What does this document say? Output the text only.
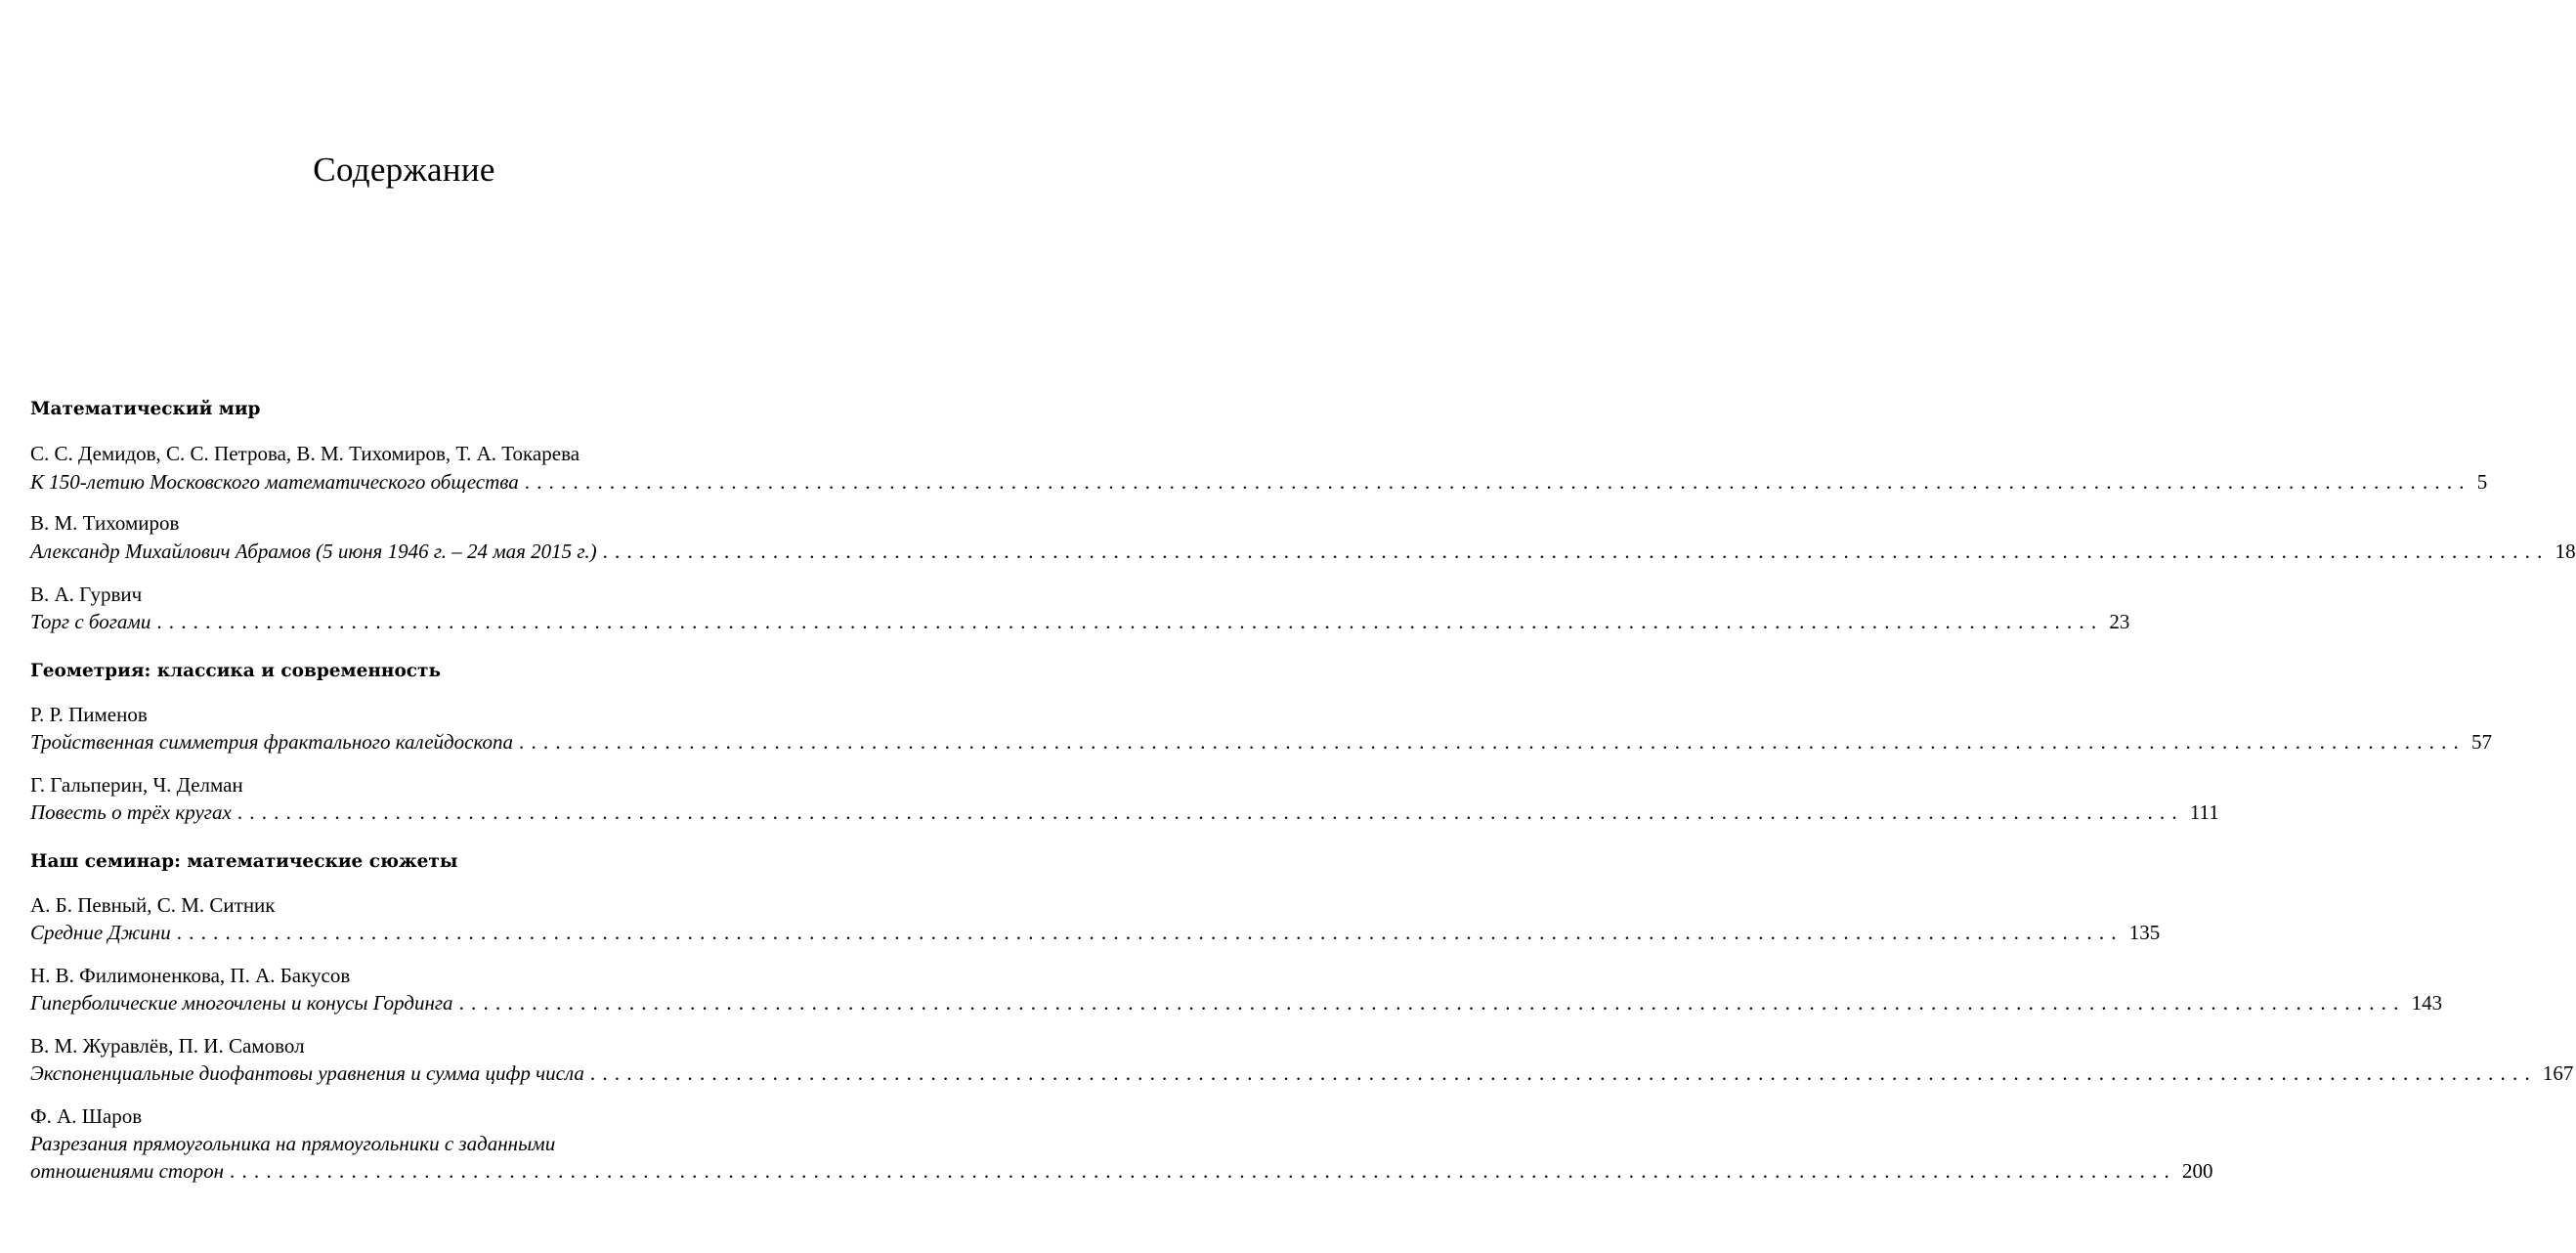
Содержание
Математический мир
С. С. Демидов, С. С. Петрова, В. М. Тихомиров, Т. А. Токарева
К 150-летию Московского математического общества ................................................................................................................................................................ 5
В. М. Тихомиров
Александр Михайлович Абрамов (5 июня 1946 г. – 24 мая 2015 г.) ................................................................................................................................................................ 18
В. А. Гурвич
Торг с богами ................................................................................................................................................................ 23
Геометрия: классика и современность
Р. Р. Пименов
Тройственная симметрия фрактального калейдоскопа ................................................................................................................................................................ 57
Г. Гальперин, Ч. Делман
Повесть о трёх кругах ................................................................................................................................................................ 111
Наш семинар: математические сюжеты
А. Б. Певный, С. М. Ситник
Средние Джини ................................................................................................................................................................ 135
Н. В. Филимоненкова, П. А. Бакусов
Гиперболические многочлены и конусы Гординга ................................................................................................................................................................ 143
В. М. Журавлёв, П. И. Самовол
Экспоненциальные диофантовы уравнения и сумма цифр числа ................................................................................................................................................................ 167
Ф. А. Шаров
Разрезания прямоугольника на прямоугольники с заданными
отношениями сторон ................................................................................................................................................................ 200
